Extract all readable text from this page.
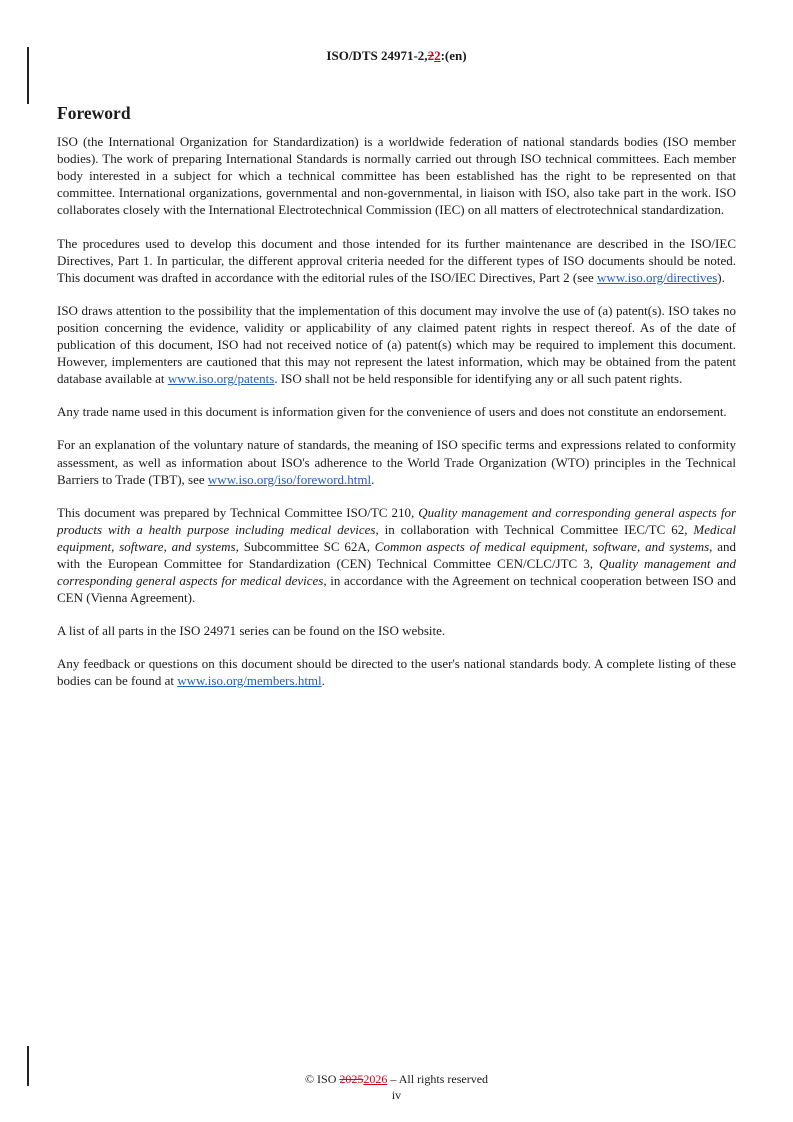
ISO/DTS 24971-2,22:(en)
Foreword

ISO (the International Organization for Standardization) is a worldwide federation of national standards bodies (ISO member bodies). The work of preparing International Standards is normally carried out through ISO technical committees. Each member body interested in a subject for which a technical committee has been established has the right to be represented on that committee. International organizations, governmental and non-governmental, in liaison with ISO, also take part in the work. ISO collaborates closely with the International Electrotechnical Commission (IEC) on all matters of electrotechnical standardization.

The procedures used to develop this document and those intended for its further maintenance are described in the ISO/IEC Directives, Part 1. In particular, the different approval criteria needed for the different types of ISO documents should be noted. This document was drafted in accordance with the editorial rules of the ISO/IEC Directives, Part 2 (see www.iso.org/directives).

ISO draws attention to the possibility that the implementation of this document may involve the use of (a) patent(s). ISO takes no position concerning the evidence, validity or applicability of any claimed patent rights in respect thereof. As of the date of publication of this document, ISO had not received notice of (a) patent(s) which may be required to implement this document. However, implementers are cautioned that this may not represent the latest information, which may be obtained from the patent database available at www.iso.org/patents. ISO shall not be held responsible for identifying any or all such patent rights.

Any trade name used in this document is information given for the convenience of users and does not constitute an endorsement.

For an explanation of the voluntary nature of standards, the meaning of ISO specific terms and expressions related to conformity assessment, as well as information about ISO's adherence to the World Trade Organization (WTO) principles in the Technical Barriers to Trade (TBT), see www.iso.org/iso/foreword.html.

This document was prepared by Technical Committee ISO/TC 210, Quality management and corresponding general aspects for products with a health purpose including medical devices, in collaboration with Technical Committee IEC/TC 62, Medical equipment, software, and systems, Subcommittee SC 62A, Common aspects of medical equipment, software, and systems, and with the European Committee for Standardization (CEN) Technical Committee CEN/CLC/JTC 3, Quality management and corresponding general aspects for medical devices, in accordance with the Agreement on technical cooperation between ISO and CEN (Vienna Agreement).

A list of all parts in the ISO 24971 series can be found on the ISO website.

Any feedback or questions on this document should be directed to the user's national standards body. A complete listing of these bodies can be found at www.iso.org/members.html.

© ISO 20252026 – All rights reserved
iv
